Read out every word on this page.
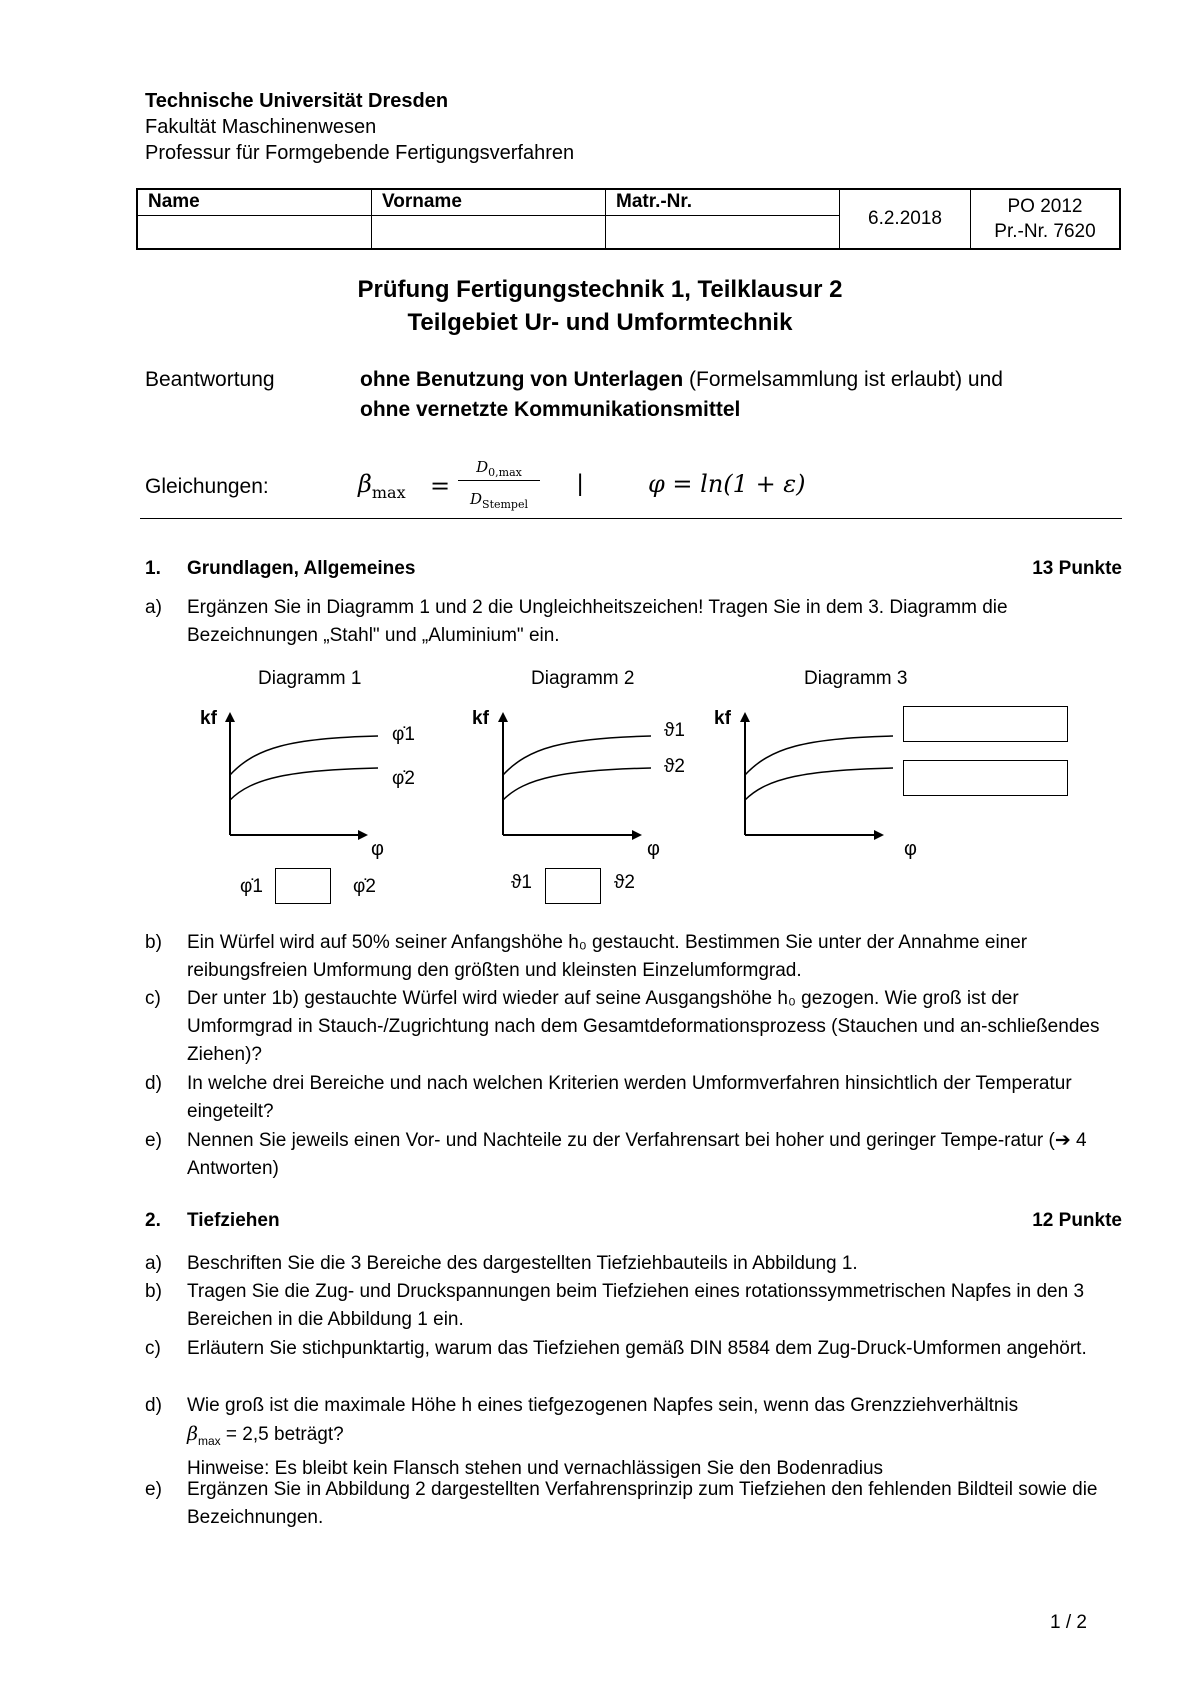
Technische Universität Dresden
Fakultät Maschinenwesen
Professur für Formgebende Fertigungsverfahren
Name	Vorname	Matr.-Nr.	6.2.2018	PO 2012
Pr.-Nr. 7620

Prüfung Fertigungstechnik 1, Teilklausur 2
Teilgebiet Ur- und Umformtechnik
Beantwortung	ohne Benutzung von Unterlagen (Formelsammlung ist erlaubt) und
ohne vernetzte Kommunikationsmittel
Gleichungen:	$\beta_{max}$ =
$D_{0,max}$
$D_{Stempel}$
|	φ = ln(1 + ε)
1. Grundlagen, Allgemeines	13 Punkte
a)	Ergänzen Sie in Diagramm 1 und 2 die Ungleichheitszeichen! Tragen Sie in dem 3. Diagramm die Bezeichnungen „Stahl" und „Aluminium" ein.
Diagramm 1	Diagramm 2	Diagramm 3
kf	kf	kf
φ	φ	φ
φ̇1
φ̇2
ϑ1
ϑ2
φ̇1	φ̇2	ϑ1	ϑ2
b)	Ein Würfel wird auf 50% seiner Anfangshöhe h₀ gestaucht. Bestimmen Sie unter der Annahme einer reibungsfreien Umformung den größten und kleinsten Einzelumformgrad.
c)	Der unter 1b) gestauchte Würfel wird wieder auf seine Ausgangshöhe h₀ gezogen. Wie groß ist der Umformgrad in Stauch-/Zugrichtung nach dem Gesamtdeformationsprozess (Stauchen und an-schließendes Ziehen)?
d)	In welche drei Bereiche und nach welchen Kriterien werden Umformverfahren hinsichtlich der Temperatur eingeteilt?
e)	Nennen Sie jeweils einen Vor- und Nachteile zu der Verfahrensart bei hoher und geringer Tempe-ratur (➔ 4 Antworten)
2. Tiefziehen	12 Punkte
a)	Beschriften Sie die 3 Bereiche des dargestellten Tiefziehbauteils in Abbildung 1.
b)	Tragen Sie die Zug- und Druckspannungen beim Tiefziehen eines rotationssymmetrischen Napfes in den 3 Bereichen in die Abbildung 1 ein.
c)	Erläutern Sie stichpunktartig, warum das Tiefziehen gemäß DIN 8584 dem Zug-Druck-Umformen angehört.
d)	Wie groß ist die maximale Höhe h eines tiefgezogenen Napfes sein, wenn das Grenzziehverhältnis
$\beta_{max} = 2,5$ beträgt?
Hinweise: Es bleibt kein Flansch stehen und vernachlässigen Sie den Bodenradius
e)	Ergänzen Sie in Abbildung 2 dargestellten Verfahrensprinzip zum Tiefziehen den fehlenden Bildteil sowie die Bezeichnungen.
1 / 2
